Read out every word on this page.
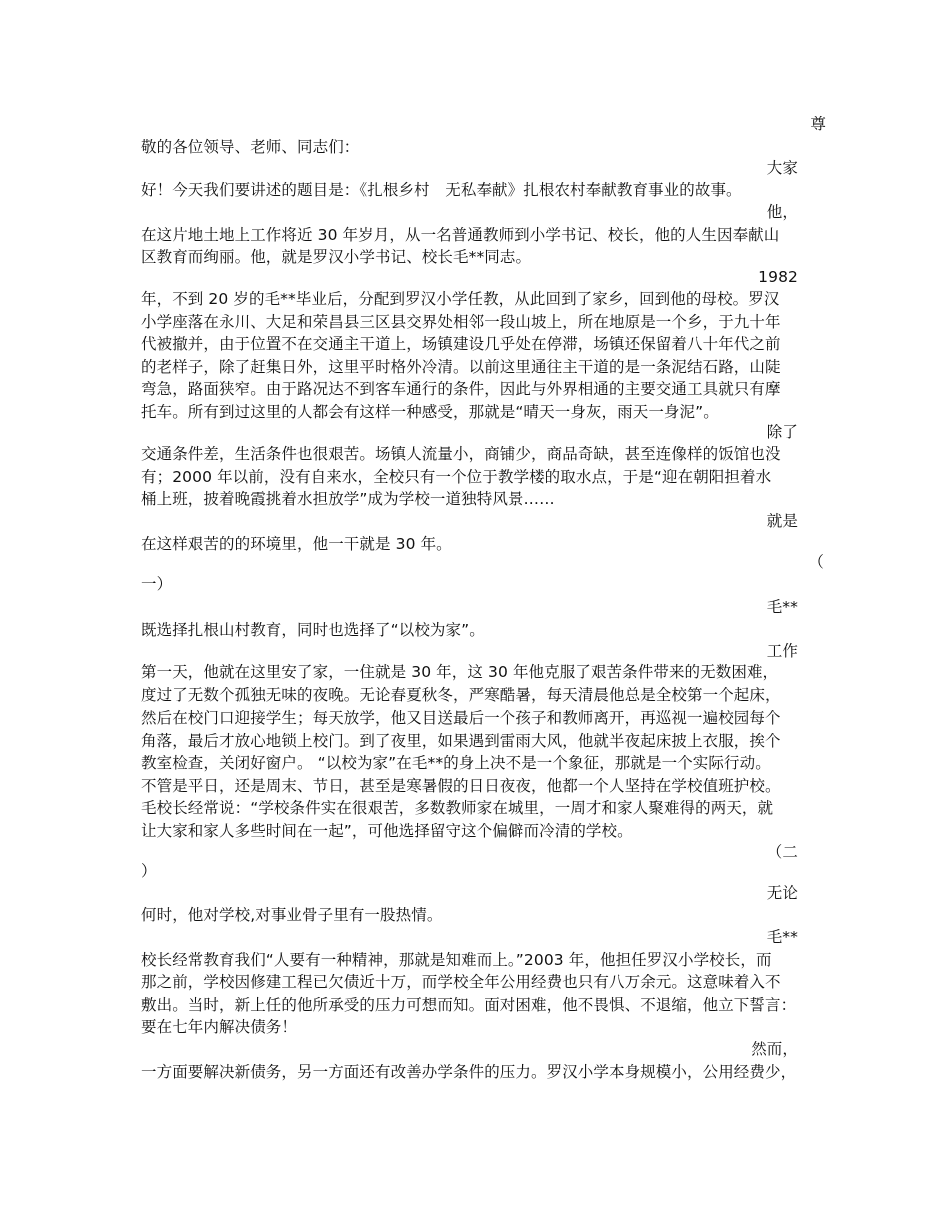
尊
敬的各位领导、老师、同志们：
大家
好！今天我们要讲述的题目是：《扎根乡村　无私奉献》扎根农村奉献教育事业的故事。
他，
在这片地土地上工作将近 30 年岁月，从一名普通教师到小学书记、校长，他的人生因奉献山
区教育而绚丽。他，就是罗汉小学书记、校长毛**同志。
1982
年，不到 20 岁的毛**毕业后，分配到罗汉小学任教，从此回到了家乡，回到他的母校。罗汉
小学座落在永川、大足和荣昌县三区县交界处相邻一段山坡上，所在地原是一个乡，于九十年
代被撤并，由于位置不在交通主干道上，场镇建设几乎处在停滞，场镇还保留着八十年代之前
的老样子，除了赶集日外，这里平时格外冷清。以前这里通往主干道的是一条泥结石路，山陡
弯急，路面狭窄。由于路况达不到客车通行的条件，因此与外界相通的主要交通工具就只有摩
托车。所有到过这里的人都会有这样一种感受，那就是“晴天一身灰，雨天一身泥”。
除了
交通条件差，生活条件也很艰苦。场镇人流量小，商铺少，商品奇缺，甚至连像样的饭馆也没
有；2000 年以前，没有自来水，全校只有一个位于教学楼的取水点，于是“迎在朝阳担着水
桶上班，披着晚霞挑着水担放学”成为学校一道独特风景……
就是
在这样艰苦的的环境里，他一干就是 30 年。
（
一）
毛**
既选择扎根山村教育，同时也选择了“以校为家”。
工作
第一天，他就在这里安了家，一住就是 30 年，这 30 年他克服了艰苦条件带来的无数困难，
度过了无数个孤独无味的夜晚。无论春夏秋冬，严寒酷暑，每天清晨他总是全校第一个起床，
然后在校门口迎接学生；每天放学，他又目送最后一个孩子和教师离开，再巡视一遍校园每个
角落，最后才放心地锁上校门。到了夜里，如果遇到雷雨大风，他就半夜起床披上衣服，挨个
教室检查，关闭好窗户。 “以校为家”在毛**的身上决不是一个象征，那就是一个实际行动。
不管是平日，还是周末、节日，甚至是寒暑假的日日夜夜，他都一个人坚持在学校值班护校。
毛校长经常说：“学校条件实在很艰苦，多数教师家在城里，一周才和家人聚难得的两天，就
让大家和家人多些时间在一起”，可他选择留守这个偏僻而冷清的学校。
（二
）
无论
何时，他对学校,对事业骨子里有一股热情。
毛**
校长经常教育我们“人要有一种精神，那就是知难而上。”2003 年，他担任罗汉小学校长，而
那之前，学校因修建工程已欠债近十万，而学校全年公用经费也只有八万余元。这意味着入不
敷出。当时，新上任的他所承受的压力可想而知。面对困难，他不畏惧、不退缩，他立下誓言：
要在七年内解决债务！
然而，
一方面要解决新债务，另一方面还有改善办学条件的压力。罗汉小学本身规模小，公用经费少，
